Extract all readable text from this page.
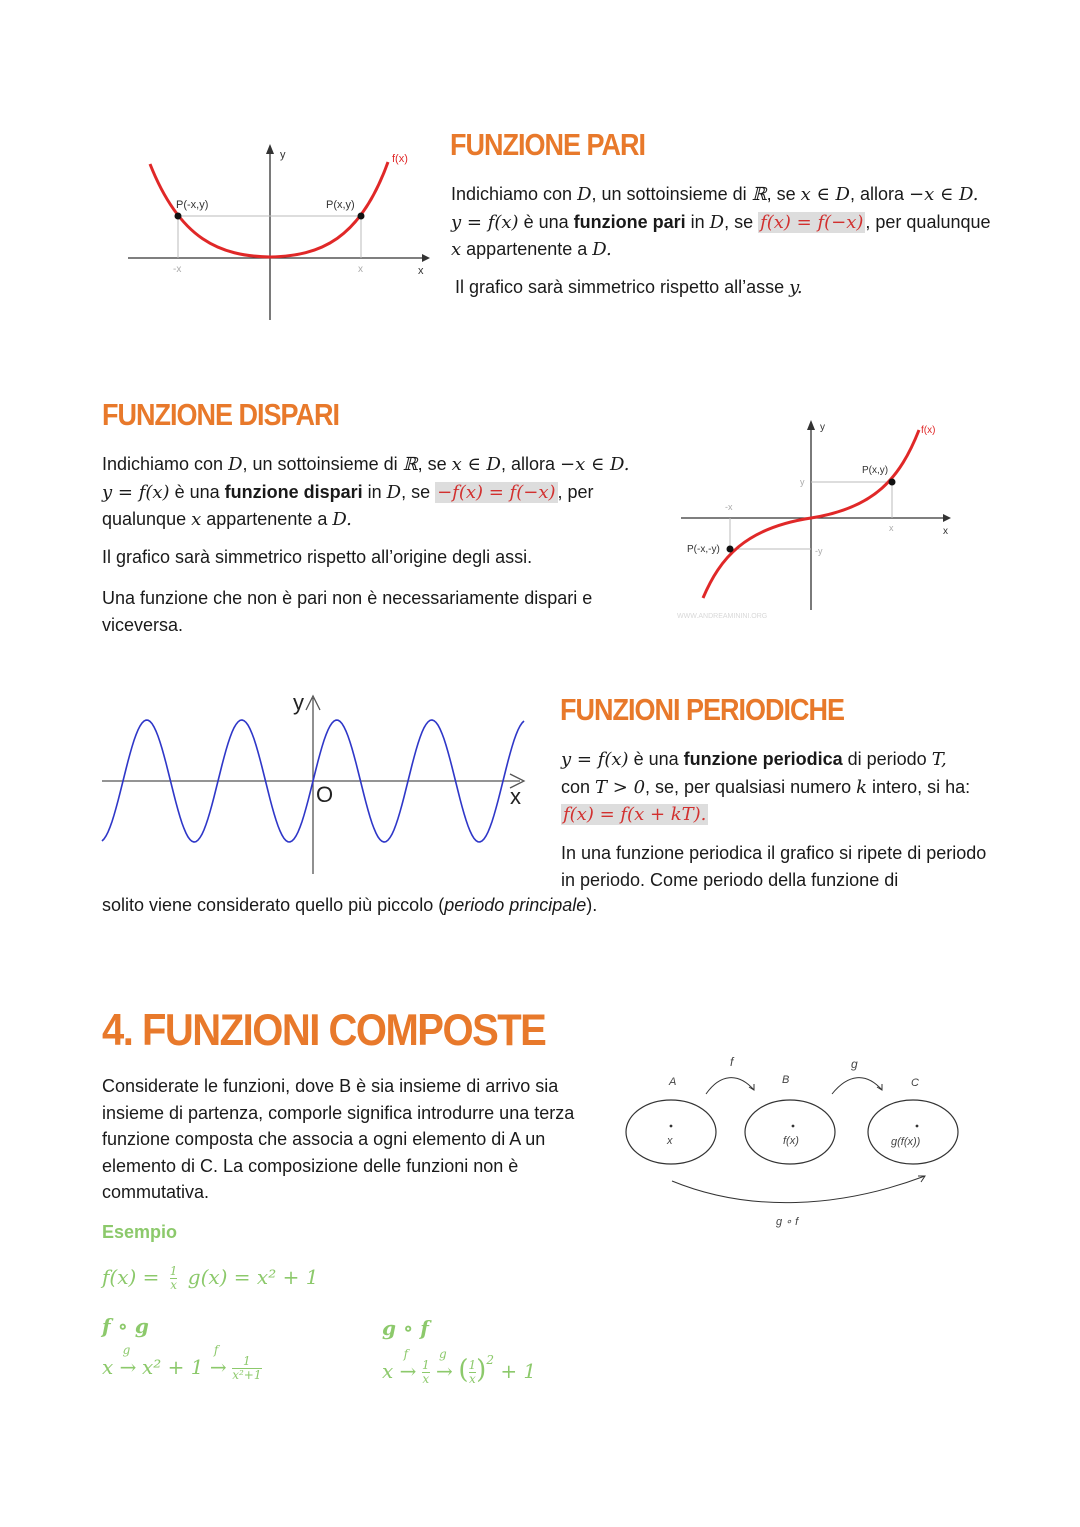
y
x
f(x)
P(-x,y)	P(x,y)
-x	x
FUNZIONE PARI
Indichiamo con D, un sottoinsieme di ℝ, se x ∈ D, allora −x ∈ D. y = f(x) è una funzione pari in D, se f(x) = f(−x) , per qualunque x appartenente a D.
Il grafico sarà simmetrico rispetto all’asse y.
FUNZIONE DISPARI
Indichiamo con D, un sottoinsieme di ℝ, se x ∈ D, allora −x ∈ D.
y = f(x) è una funzione dispari in D, se −f(x) = f(−x) , per qualunque x appartenente a D.
Il grafico sarà simmetrico rispetto all’origine degli assi.
Una funzione che non è pari non è necessariamente dispari e viceversa.
y
x
f(x)
P(x,y)
P(-x,-y)
-x
x
y
-y
WWW.ANDREAMININI.ORG
y
x
O
FUNZIONI PERIODICHE
y = f(x) è una funzione periodica di periodo T,
con T > 0, se, per qualsiasi numero k intero, si ha:
f(x) = f(x + kT).
In una funzione periodica il grafico si ripete di periodo in periodo. Come periodo della funzione di
solito viene considerato quello più piccolo (periodo principale).
4. FUNZIONI COMPOSTE
Considerate le funzioni, dove B è sia insieme di arrivo sia insieme di partenza, comporle significa introdurre una terza funzione composta che associa a ogni elemento di A un elemento di C. La composizione delle funzioni non è commutativa.
Esempio
$f(x) = \frac{1}{x} g(x) = x^2 + 1$
f ∘ g	g ∘ f
x
g
→ x² + 1
f
→ $\frac{1}{\text{x²+1}}$	x
f
→ $\frac{1}{x}$

g
→ ( $\frac{1}{x} )^2 + 1$
A	B	C
x	f(x)	g(f(x))
f	g
g ∘ f
